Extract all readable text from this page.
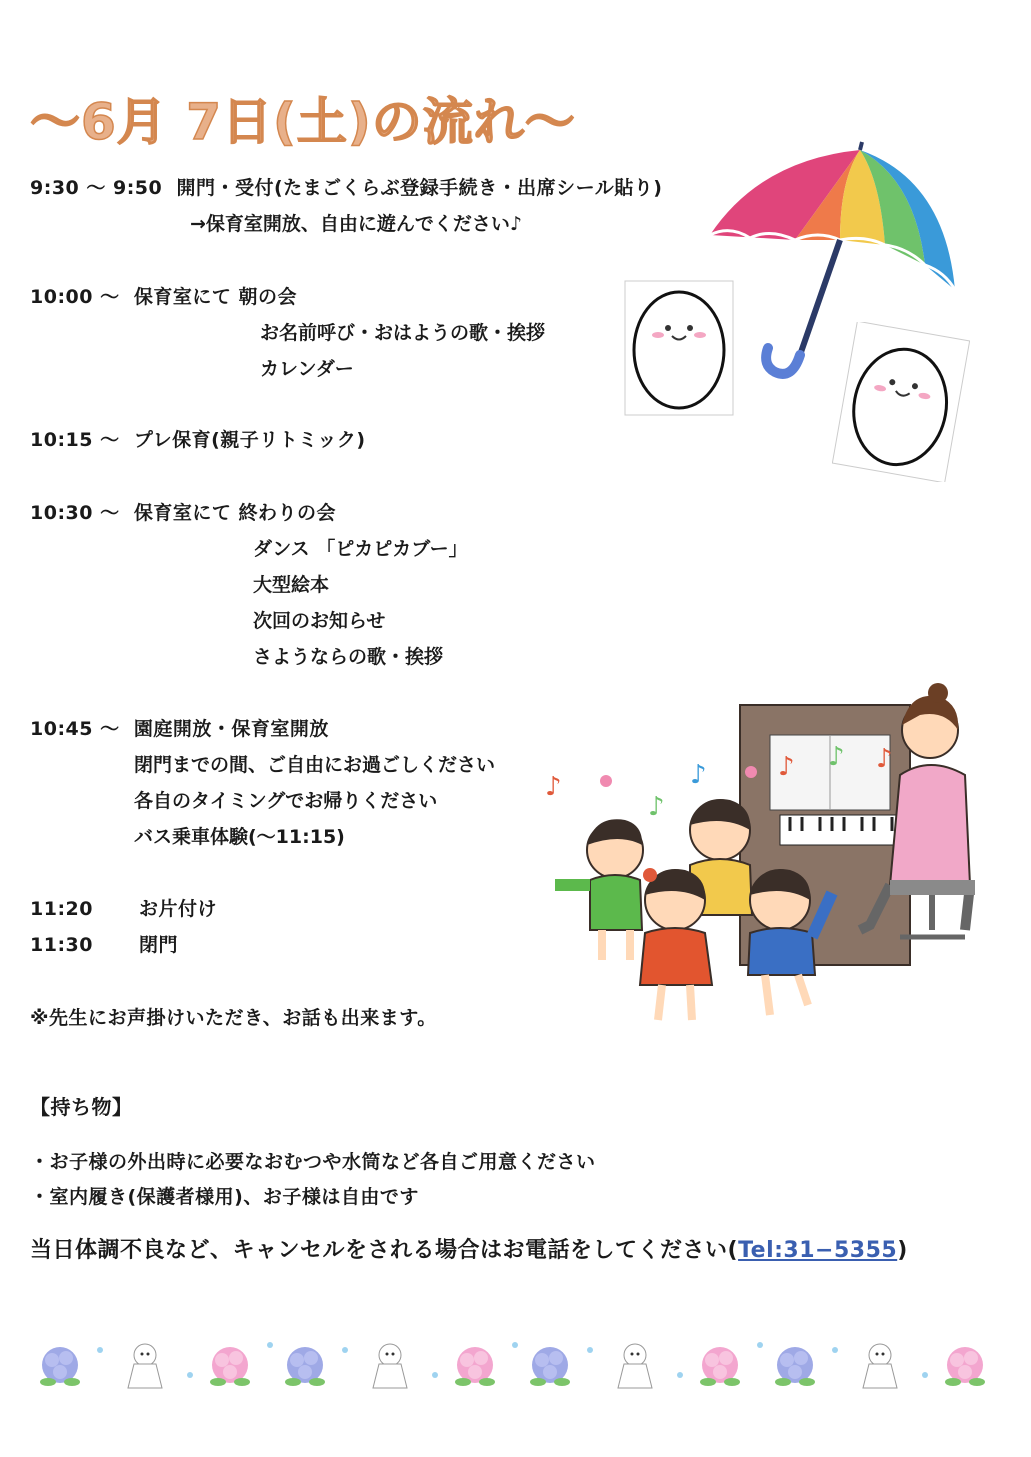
〜6月 7日(土)の流れ〜
9:30 〜 9:50 開門・受付(たまごくらぶ登録手続き・出席シール貼り)
→保育室開放、自由に遊んでください♪
10:00 〜 保育室にて 朝の会
お名前呼び・おはようの歌・挨拶
カレンダー
10:15 〜 プレ保育(親子リトミック)
10:30 〜 保育室にて 終わりの会
ダンス 「ピカピカブー」
大型絵本
次回のお知らせ
さようならの歌・挨拶
10:45 〜 園庭開放・保育室開放
閉門までの間、ご自由にお過ごしください
各自のタイミングでお帰りください
バス乗車体験(〜11:15)
11:20 お片付け
11:30 閉門
※先生にお声掛けいただき、お話も出来ます。
【持ち物】
・お子様の外出時に必要なおむつや水筒など各自ご用意ください
・室内履き(保護者様用)、お子様は自由です
当日体調不良など、キャンセルをされる場合はお電話をしてください(Tel:31−5355)
♪
♪
♪	♪ ♪ ♪
